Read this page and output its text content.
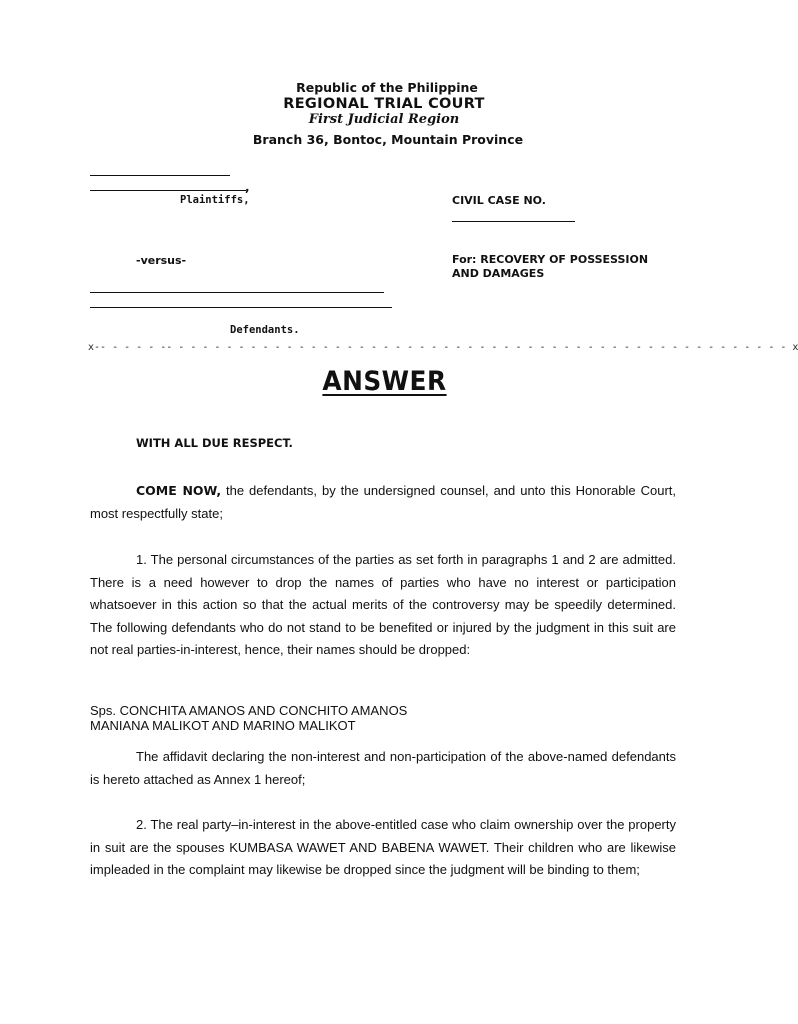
Republic of the Philippine
REGIONAL TRIAL COURT
First Judicial Region
Branch 36, Bontoc, Mountain Province
,
Plaintiffs,	CIVIL CASE NO.
-versus-	For: RECOVERY OF POSSESSION
AND DAMAGES
Defendants.
x-- - - - - -- - - - - - - - - - - - - - - - - - - - - - - - - - - - - - - - - - - - - - - - - - - - - - - - - - - - x
ANSWER
WITH ALL DUE RESPECT.
COME NOW, the defendants, by the undersigned counsel, and unto this Honorable Court, most respectfully state;
1. The personal circumstances of the parties as set forth in paragraphs 1 and 2 are admitted. There is a need however to drop the names of parties who have no interest or participation whatsoever in this action so that the actual merits of the controversy may be speedily determined. The following defendants who do not stand to be benefited or injured by the judgment in this suit are not real parties-in-interest, hence, their names should be dropped:
Sps. CONCHITA AMANOS AND CONCHITO AMANOS
MANIANA MALIKOT AND MARINO MALIKOT
The affidavit declaring the non-interest and non-participation of the above-named defendants is hereto attached as Annex 1 hereof;
2. The real party–in-interest in the above-entitled case who claim ownership over the property in suit are the spouses KUMBASA WAWET AND BABENA WAWET. Their children who are likewise impleaded in the complaint may likewise be dropped since the judgment will be binding to them;
